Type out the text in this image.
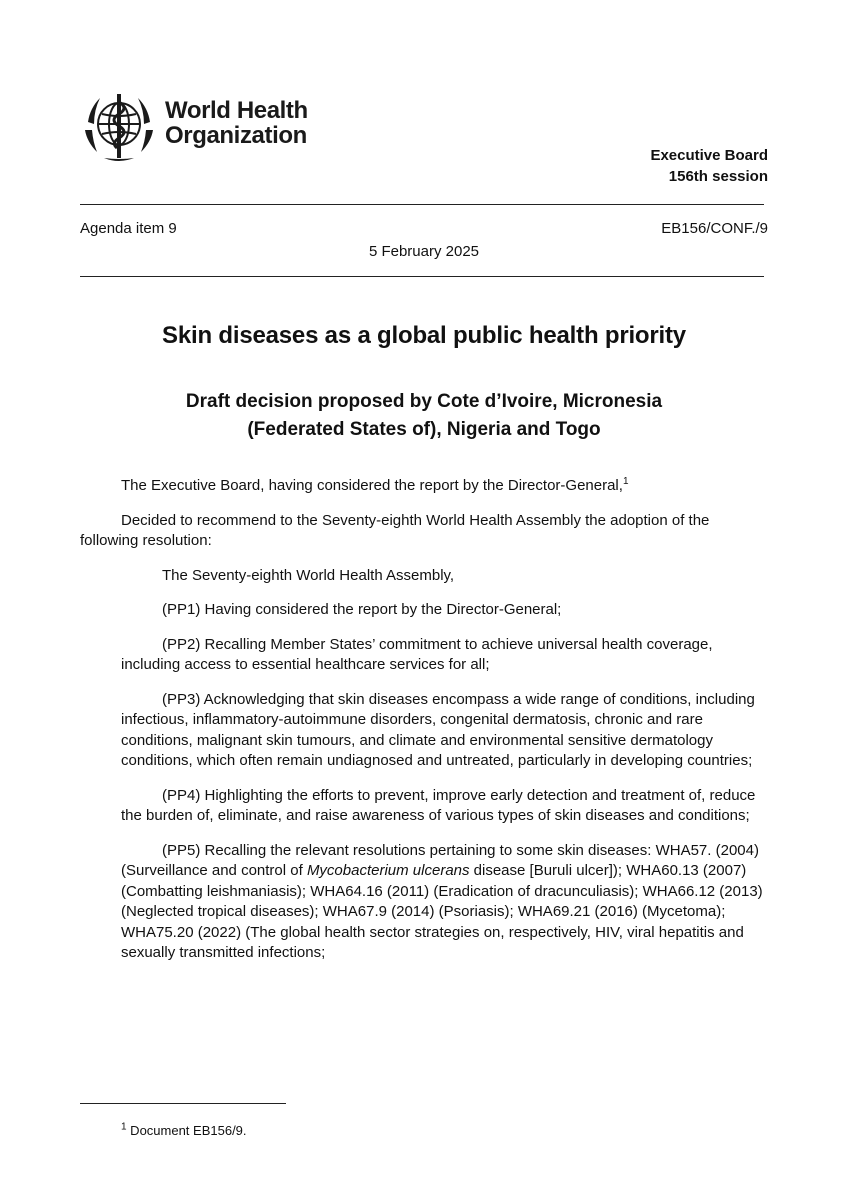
World Health
Organization
Executive Board
156th session
Agenda item 9	EB156/CONF./9
5 February 2025
Skin diseases as a global public health priority
Draft decision proposed by Cote d’Ivoire, Micronesia
(Federated States of), Nigeria and Togo

The Executive Board, having considered the report by the Director-General,$^1$

Decided to recommend to the Seventy-eighth World Health Assembly the adoption of the following resolution:

The Seventy-eighth World Health Assembly,

(PP1) Having considered the report by the Director-General;

(PP2) Recalling Member States’ commitment to achieve universal health coverage, including access to essential healthcare services for all;

(PP3) Acknowledging that skin diseases encompass a wide range of conditions, including infectious, inflammatory-autoimmune disorders, congenital dermatosis, chronic and rare conditions, malignant skin tumours, and climate and environmental sensitive dermatology conditions, which often remain undiagnosed and untreated, particularly in developing countries;

(PP4) Highlighting the efforts to prevent, improve early detection and treatment of, reduce the burden of, eliminate, and raise awareness of various types of skin diseases and conditions;

(PP5) Recalling the relevant resolutions pertaining to some skin diseases: WHA57. (2004) (Surveillance and control of Mycobacterium ulcerans disease [Buruli ulcer]); WHA60.13 (2007) (Combatting leishmaniasis); WHA64.16 (2011) (Eradication of dracunculiasis); WHA66.12 (2013) (Neglected tropical diseases); WHA67.9 (2014) (Psoriasis); WHA69.21 (2016) (Mycetoma); WHA75.20 (2022) (The global health sector strategies on, respectively, HIV, viral hepatitis and sexually transmitted infections;

$^1$ Document EB156/9.
